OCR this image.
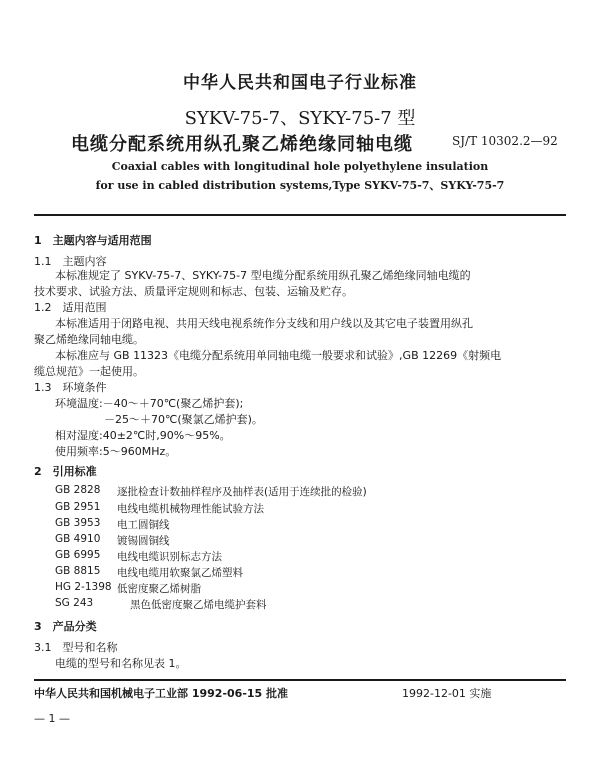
中华人民共和国电子行业标准
SYKV-75-7、SYKY-75-7 型
电缆分配系统用纵孔聚乙烯绝缘同轴电缆	SJ/T 10302.2—92
Coaxial cables with longitudinal hole polyethylene insulation
for use in cabled distribution systems,Type SYKV-75-7、SYKY-75-7
1　主题内容与适用范围
1.1　主题内容
本标准规定了 SYKV-75-7、SYKY-75-7 型电缆分配系统用纵孔聚乙烯绝缘同轴电缆的
技术要求、试验方法、质量评定规则和标志、包装、运输及贮存。
1.2　适用范围
本标准适用于闭路电视、共用天线电视系统作分支线和用户线以及其它电子装置用纵孔
聚乙烯绝缘同轴电缆。
本标准应与 GB 11323《电缆分配系统用单同轴电缆一般要求和试验》,GB 12269《射频电
缆总规范》一起使用。
1.3　环境条件
环境温度:－40～＋70℃(聚乙烯护套);
－25～＋70℃(聚氯乙烯护套)。
相对湿度:40±2℃时,90%～95%。
使用频率:5～960MHz。
2　引用标准
GB 2828 逐批检查计数抽样程序及抽样表(适用于连续批的检验)
GB 2951 电线电缆机械物理性能试验方法
GB 3953 电工圆铜线
GB 4910 镀锡圆铜线
GB 6995 电线电缆识别标志方法
GB 8815 电线电缆用软聚氯乙烯塑料
HG 2-1398 低密度聚乙烯树脂
SG 243	黑色低密度聚乙烯电缆护套料
3　产品分类
3.1　型号和名称
电缆的型号和名称见表 1。
中华人民共和国机械电子工业部 1992-06-15 批准	1992-12-01 实施
— 1 —
